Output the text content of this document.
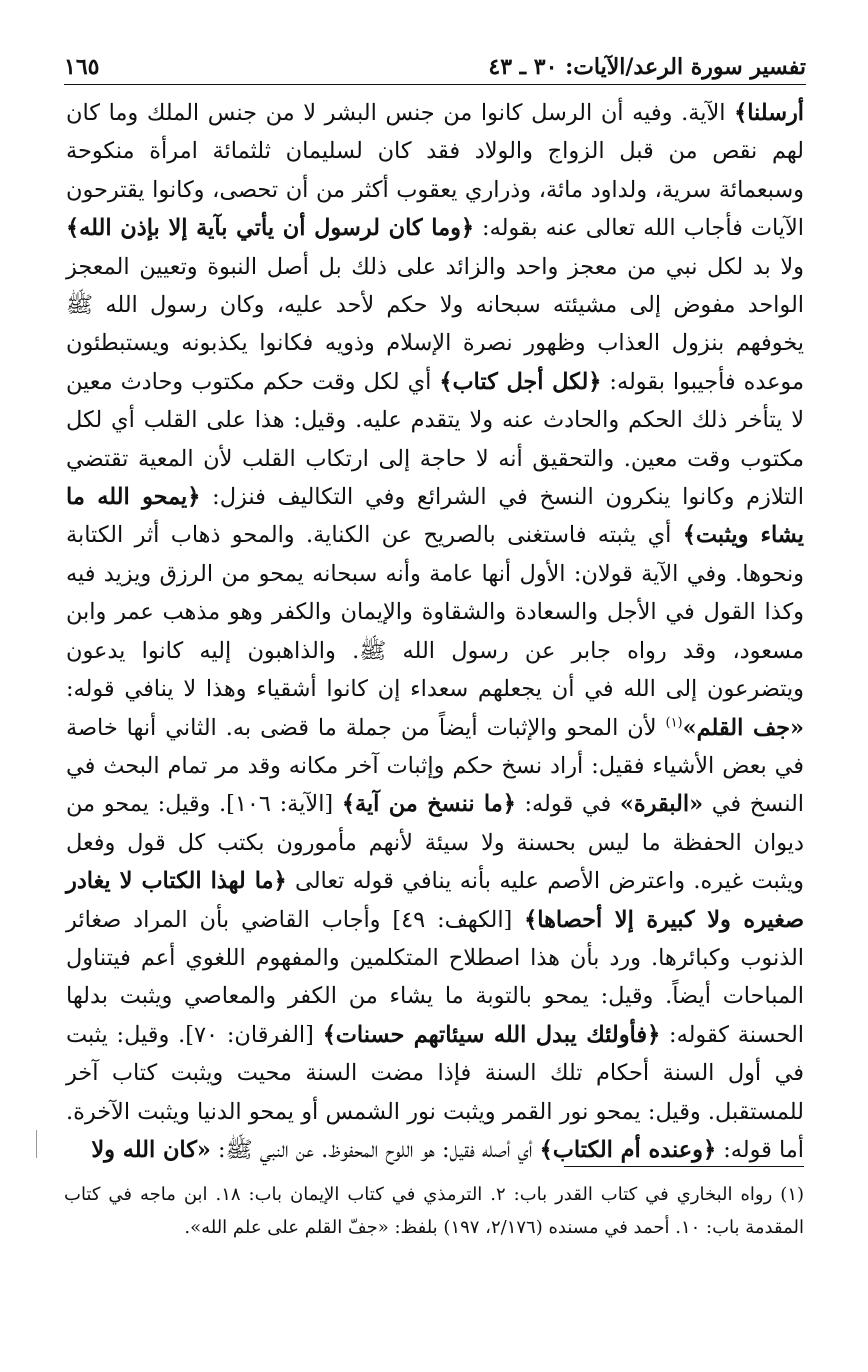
تفسير سورة الرعد/الآيات: ٣٠ ـ ٤٣
١٦٥

أرسلنا﴾ الآية. وفيه أن الرسل كانوا من جنس البشر لا من جنس الملك وما كان لهم نقص من قبل الزواج والولاد فقد كان لسليمان ثلثمائة امرأة منكوحة وسبعمائة سرية، ولداود مائة، وذراري يعقوب أكثر من أن تحصى، وكانوا يقترحون الآيات فأجاب الله تعالى عنه بقوله: ﴿وما كان لرسول أن يأتي بآية إلا بإذن الله﴾ ولا بد لكل نبي من معجز واحد والزائد على ذلك بل أصل النبوة وتعيين المعجز الواحد مفوض إلى مشيئته سبحانه ولا حكم لأحد عليه، وكان رسول الله ﷺ يخوفهم بنزول العذاب وظهور نصرة الإسلام وذويه فكانوا يكذبونه ويستبطئون موعده فأجيبوا بقوله: ﴿لكل أجل كتاب﴾ أي لكل وقت حكم مكتوب وحادث معين لا يتأخر ذلك الحكم والحادث عنه ولا يتقدم عليه. وقيل: هذا على القلب أي لكل مكتوب وقت معين. والتحقيق أنه لا حاجة إلى ارتكاب القلب لأن المعية تقتضي التلازم وكانوا ينكرون النسخ في الشرائع وفي التكاليف فنزل: ﴿يمحو الله ما يشاء ويثبت﴾ أي يثبته فاستغنى بالصريح عن الكناية. والمحو ذهاب أثر الكتابة ونحوها. وفي الآية قولان: الأول أنها عامة وأنه سبحانه يمحو من الرزق ويزيد فيه وكذا القول في الأجل والسعادة والشقاوة والإيمان والكفر وهو مذهب عمر وابن مسعود، وقد رواه جابر عن رسول الله ﷺ. والذاهبون إليه كانوا يدعون ويتضرعون إلى الله في أن يجعلهم سعداء إن كانوا أشقياء وهذا لا ينافي قوله: «جف القلم»$^{(١)}$ لأن المحو والإثبات أيضاً من جملة ما قضى به. الثاني أنها خاصة في بعض الأشياء فقيل: أراد نسخ حكم وإثبات آخر مكانه وقد مر تمام البحث في النسخ في «البقرة» في قوله: ﴿ما ننسخ من آية﴾ [الآية: ١٠٦]. وقيل: يمحو من ديوان الحفظة ما ليس بحسنة ولا سيئة لأنهم مأمورون بكتب كل قول وفعل ويثبت غيره. واعترض الأصم عليه بأنه ينافي قوله تعالى ﴿ما لهذا الكتاب لا يغادر صغيره ولا كبيرة إلا أحصاها﴾ [الكهف: ٤٩] وأجاب القاضي بأن المراد صغائر الذنوب وكبائرها. ورد بأن هذا اصطلاح المتكلمين والمفهوم اللغوي أعم فيتناول المباحات أيضاً. وقيل: يمحو بالتوبة ما يشاء من الكفر والمعاصي ويثبت بدلها الحسنة كقوله: ﴿فأولئك يبدل الله سيئاتهم حسنات﴾ [الفرقان: ٧٠]. وقيل: يثبت في أول السنة أحكام تلك السنة فإذا مضت السنة محيت ويثبت كتاب آخر للمستقبل. وقيل: يمحو نور القمر ويثبت نور الشمس أو يمحو الدنيا ويثبت الآخرة. أما قوله: ﴿وعنده أم الكتاب﴾ أي أصله فقيل: هو اللوح المحفوظ. عن النبي ﷺ: «كان الله ولا

(١) رواه البخاري في كتاب القدر باب: ٢. الترمذي في كتاب الإيمان باب: ١٨. ابن ماجه في كتاب المقدمة باب: ١٠. أحمد في مسنده (٢/١٧٦، ١٩٧) بلفظ: «جفّ القلم على علم الله».
